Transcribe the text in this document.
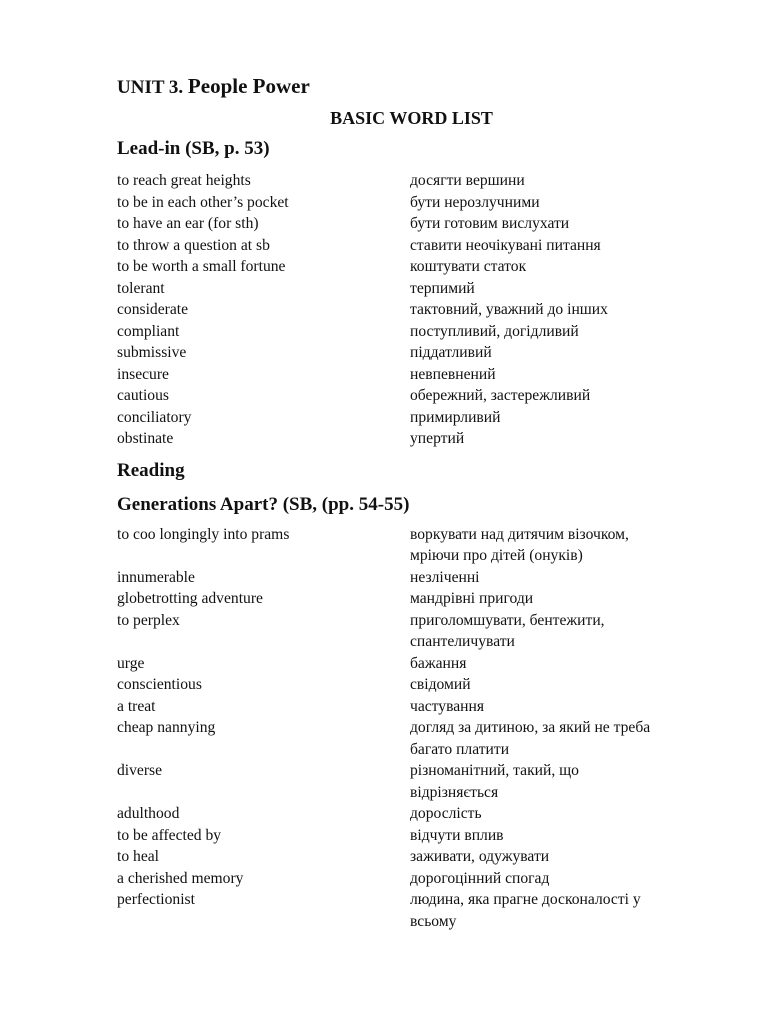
UNIT 3. People Power
BASIC WORD LIST
Lead-in (SB, p. 53)
to reach great heights	досягти вершини
to be in each other’s pocket	бути нерозлучними
to have an ear (for sth)	бути готовим вислухати
to throw a question at sb	ставити неочікувані питання
to be worth a small fortune	коштувати статок
tolerant	терпимий
considerate	тактовний, уважний до інших
compliant	поступливий, догідливий
submissive	піддатливий
insecure	невпевнений
cautious	обережний, застережливий
conciliatory	примирливий
obstinate	упертий
Reading
Generations Apart? (SB, (pp. 54-55)
to coo longingly into prams	воркувати над дитячим візочком,
мріючи про дітей (онуків)
innumerable	незліченні
globetrotting adventure	мандрівні пригоди
to perplex	приголомшувати, бентежити,
спантеличувати
urge	бажання
conscientious	свідомий
a treat	частування
cheap nannying	догляд за дитиною, за який не треба
багато платити
diverse	різноманітний, такий, що
відрізняється
adulthood	дорослість
to be affected by	відчути вплив
to heal	заживати, одужувати
a cherished memory	дорогоцінний спогад
perfectionist	людина, яка прагне досконалості у
всьому
